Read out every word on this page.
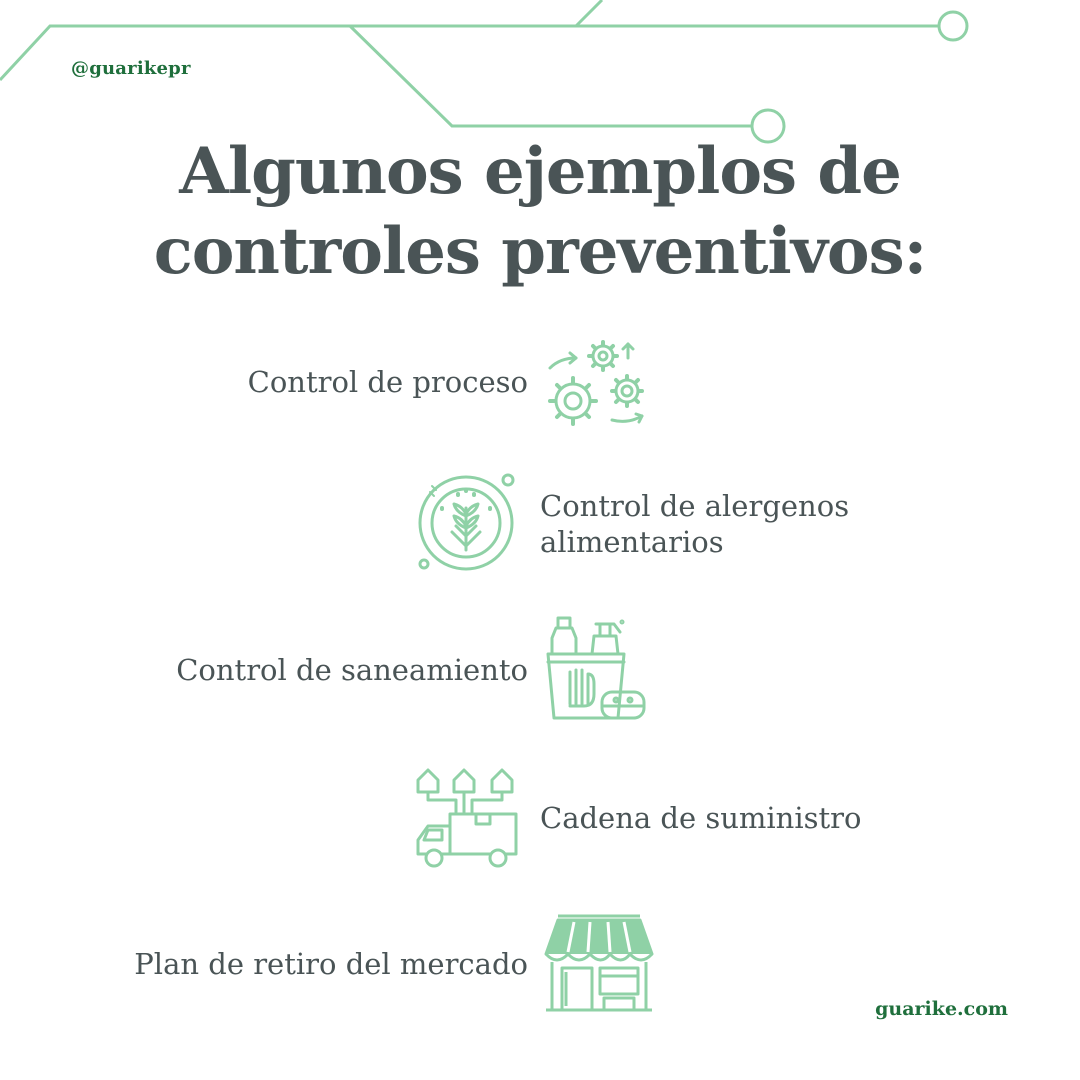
@guarikepr
Algunos ejemplos de
controles preventivos:
Control de proceso
Control de alergenos
alimentarios
Control de saneamiento
Cadena de suministro
Plan de retiro del mercado
guarike.com
